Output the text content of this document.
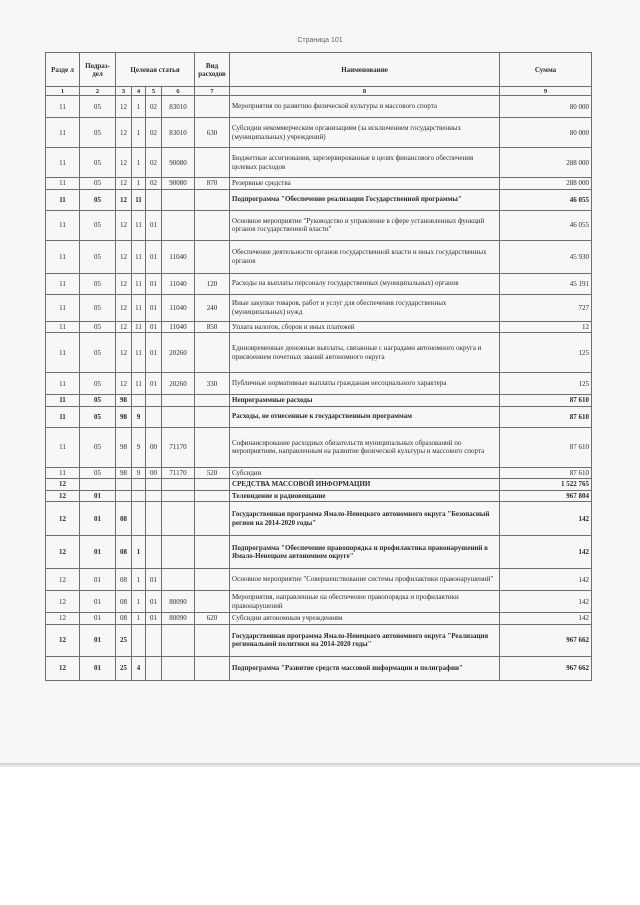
Страница 101
Разде л	Подраз- дел	Целевая статья				Вид расходов	Наименование	Сумма
1	2	3	4	5	6	7	8	9
11	05	12	1	02	83010		Мероприятия по развитию физической культуры и массового спорта	80 000
11	05	12	1	02	83010	630	Субсидии некоммерческим организациям (за исключением государственных (муниципальных) учреждений)	80 000
11	05	12	1	02	90080		Бюджетные ассигнования, зарезервированные в целях финансового обеспечения целевых расходов	288 000
11	05	12	1	02	90080	870	Резервные средства	288 000
11	05	12	11				Подпрограмма "Обеспечение реализации Государственной программы"	46 055
11	05	12	11	01			Основное мероприятие "Руководство и управление в сфере установленных функций органов государственной власти"	46 055
11	05	12	11	01	11040		Обеспечение деятельности органов государственной власти и иных государственных органов	45 930
11	05	12	11	01	11040	120	Расходы на выплаты персоналу государственных (муниципальных) органов	45 191
11	05	12	11	01	11040	240	Иные закупки товаров, работ и услуг для обеспечения государственных (муниципальных) нужд	727
11	05	12	11	01	11040	850	Уплата налогов, сборов и иных платежей	12
11	05	12	11	01	20260		Единовременные денежные выплаты, связанные с наградами автономного округа и присвоением почетных званий автономного округа	125
11	05	12	11	01	20260	330	Публичные нормативные выплаты гражданам несоциального характера	125
11	05	98					Непрограммные расходы	87 610
11	05	98	9				Расходы, не отнесенные к государственным программам	87 610
11	05	98	9	00	71170		Софинансирование расходных обязательств муниципальных образований по мероприятиям, направленным на развитие физической культуры и массового спорта	87 610
11	05	98	9	00	71170	520	Субсидии	87 610
12							СРЕДСТВА МАССОВОЙ ИНФОРМАЦИИ	1 522 765
12	01						Телевидение и радиовещание	967 804
12	01	08					Государственная программа Ямало-Ненецкого автономного округа "Безопасный регион на 2014-2020 годы"	142
12	01	08	1				Подпрограмма "Обеспечение правопорядка и профилактика правонарушений в Ямало-Ненецком автономном округе"	142
12	01	08	1	01			Основное мероприятие "Совершенствование системы профилактики правонарушений"	142
12	01	08	1	01	80090		Мероприятия, направленные на обеспечение правопорядка и профилактики правонарушений	142
12	01	08	1	01	80090	620	Субсидии автономным учреждениям	142
12	01	25					Государственная программа Ямало-Ненецкого автономного округа "Реализация региональной политики на 2014-2020 годы"	967 662
12	01	25	4				Подпрограмма "Развитие средств массовой информации и полиграфии"	967 662
